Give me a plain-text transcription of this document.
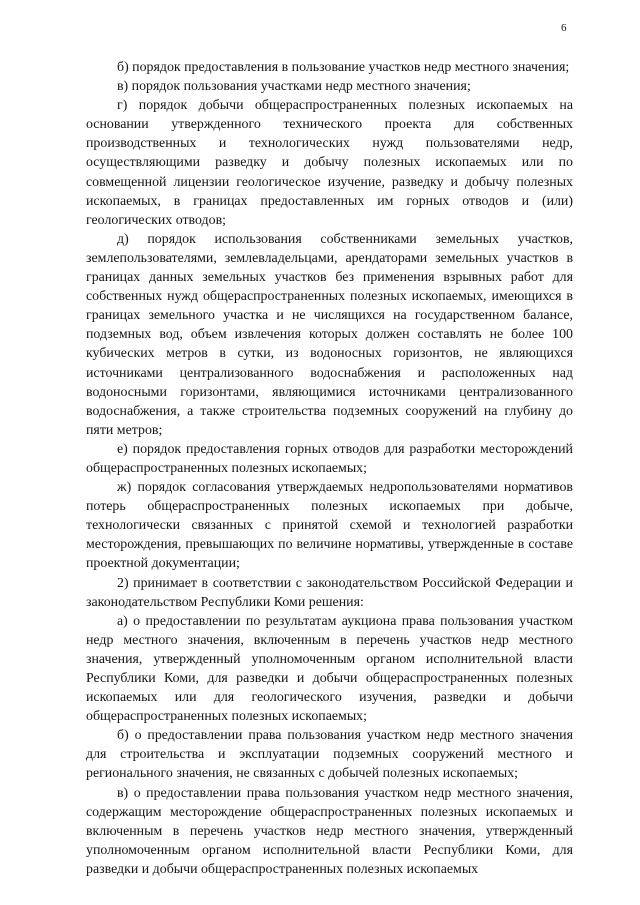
6

б) порядок предоставления в пользование участков недр местного значения;

в) порядок пользования участками недр местного значения;

г) порядок добычи общераспространенных полезных ископаемых на основании утвержденного технического проекта для собственных производственных и технологических нужд пользователями недр, осуществляющими разведку и добычу полезных ископаемых или по совмещенной лицензии геологическое изучение, разведку и добычу полезных ископаемых, в границах предоставленных им горных отводов и (или) геологических отводов;

д) порядок использования собственниками земельных участков, землепользователями, землевладельцами, арендаторами земельных участков в границах данных земельных участков без применения взрывных работ для собственных нужд общераспространенных полезных ископаемых, имеющихся в границах земельного участка и не числящихся на государственном балансе, подземных вод, объем извлечения которых должен составлять не более 100 кубических метров в сутки, из водоносных горизонтов, не являющихся источниками централизованного водоснабжения и расположенных над водоносными горизонтами, являющимися источниками централизованного водоснабжения, а также строительства подземных сооружений на глубину до пяти метров;

е) порядок предоставления горных отводов для разработки месторождений общераспространенных полезных ископаемых;

ж) порядок согласования утверждаемых недропользователями нормативов потерь общераспространенных полезных ископаемых при добыче, технологически связанных с принятой схемой и технологией разработки месторождения, превышающих по величине нормативы, утвержденные в составе проектной документации;

2) принимает в соответствии с законодательством Российской Федерации и законодательством Республики Коми решения:

а) о предоставлении по результатам аукциона права пользования участком недр местного значения, включенным в перечень участков недр местного значения, утвержденный уполномоченным органом исполнительной власти Республики Коми, для разведки и добычи общераспространенных полезных ископаемых или для геологического изучения, разведки и добычи общераспространенных полезных ископаемых;

б) о предоставлении права пользования участком недр местного значения для строительства и эксплуатации подземных сооружений местного и регионального значения, не связанных с добычей полезных ископаемых;

в) о предоставлении права пользования участком недр местного значения, содержащим месторождение общераспространенных полезных ископаемых и включенным в перечень участков недр местного значения, утвержденный уполномоченным органом исполнительной власти Республики Коми, для разведки и добычи общераспространенных полезных ископаемых
